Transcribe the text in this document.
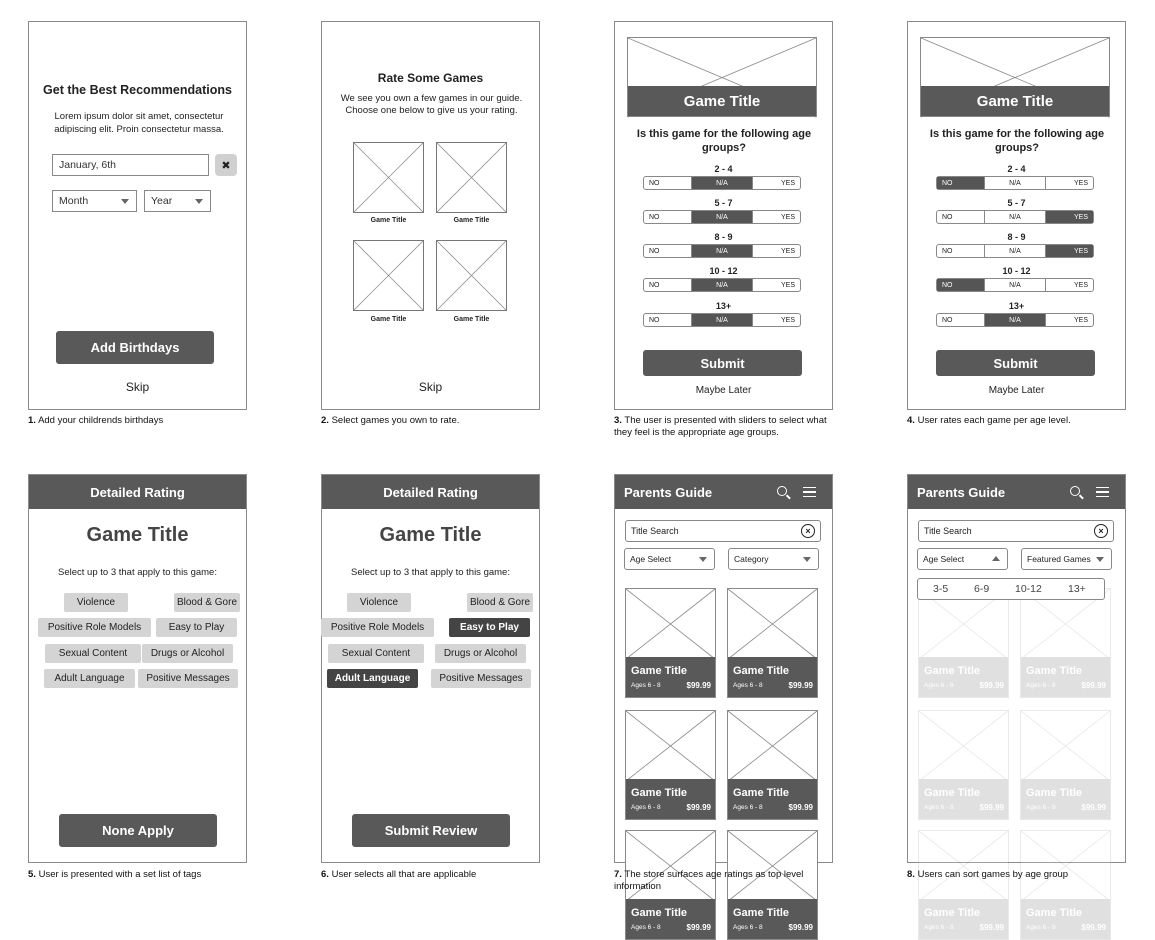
Get the Best Recommendations
Lorem ipsum dolor sit amet, consectetur adipiscing elit. Proin consectetur massa.
January, 6th	✖
Month	Year
Add Birthdays
Skip
1. Add your childrends birthdays
Rate Some Games
We see you own a few games in our guide. Choose one below to give us your rating.
Game Title	Game Title
Game Title	Game Title
Skip
2. Select games you own to rate.
Game Title
Is this game for the following age groups?
2 - 4
NO	N/A	YES
5 - 7
NO	N/A	YES
8 - 9
NO	N/A	YES
10 - 12
NO	N/A	YES
13+
NO	N/A	YES
Submit
Maybe Later
3. The user is presented with sliders to select what they feel is the appropriate age groups.
Game Title
Is this game for the following age groups?
2 - 4
NO	N/A	YES
5 - 7
NO	N/A	YES
8 - 9
NO	N/A	YES
10 - 12
NO	N/A	YES
13+
NO	N/A	YES
Submit
Maybe Later
4. User rates each game per age level.
Detailed Rating
Game Title
Select up to 3 that apply to this game:
Violence	Blood & Gore
Positive Role Models	Easy to Play
Sexual Content	Drugs or Alcohol
Adult Language	Positive Messages
None Apply
5. User is presented with a set list of tags
Detailed Rating
Game Title
Select up to 3 that apply to this game:
Violence	Blood & Gore
Positive Role Models	Easy to Play
Sexual Content	Drugs or Alcohol
Adult Language	Positive Messages
Submit Review
6. User selects all that are applicable
Parents Guide
Title Search	×
Age Select	Category
Game Title
Ages 6 - 8	$99.99
Game Title
Ages 6 - 8	$99.99
Game Title
Ages 6 - 8	$99.99
Game Title
Ages 6 - 8	$99.99
Game Title
Ages 6 - 8	$99.99
Game Title
Ages 6 - 8	$99.99
7. The store surfaces age ratings as top level information
Parents Guide
Title Search	×
Age Select	Featured Games
Game Title
Ages 6 - 8	$99.99
Game Title
Ages 6 - 8	$99.99
Game Title
Ages 6 - 8	$99.99
Game Title
Ages 6 - 8	$99.99
Game Title
Ages 6 - 8	$99.99
Game Title
Ages 6 - 8	$99.99
3-5 6-9 10-12 13+
8. Users can sort games by age group
